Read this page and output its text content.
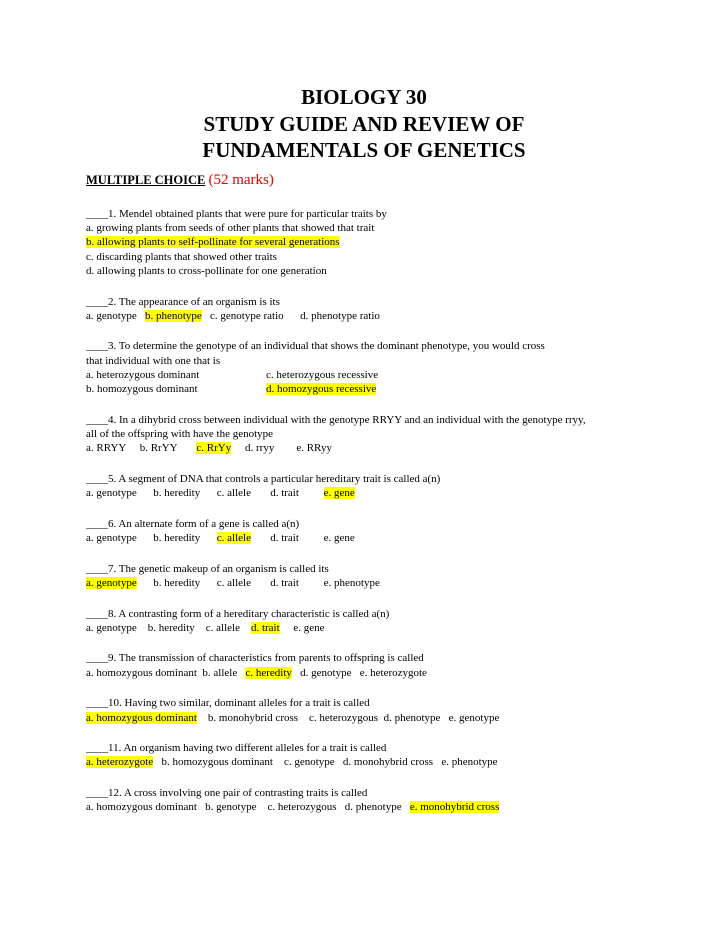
BIOLOGY 30
STUDY GUIDE AND REVIEW OF
FUNDAMENTALS OF GENETICS
MULTIPLE CHOICE (52 marks)
____1. Mendel obtained plants that were pure for particular traits by
a. growing plants from seeds of other plants that showed that trait
b. allowing plants to self-pollinate for several generations
c. discarding plants that showed other traits
d. allowing plants to cross-pollinate for one generation
____2. The appearance of an organism is its
a. genotype b. phenotype c. genotype ratio d. phenotype ratio
____3. To determine the genotype of an individual that shows the dominant phenotype, you would cross
that individual with one that is
a. heterozygous dominant	c. heterozygous recessive
b. homozygous dominant	d. homozygous recessive
____4. In a dihybrid cross between individual with the genotype RRYY and an individual with the genotype rryy,
all of the offspring with have the genotype
a. RRYY b. RrYY c. RrYy d. rryy e. RRyy
____5. A segment of DNA that controls a particular hereditary trait is called a(n)
a. genotype b. heredity c. allele d. trait e. gene
____6. An alternate form of a gene is called a(n)
a. genotype b. heredity c. allele d. trait e. gene
____7. The genetic makeup of an organism is called its
a. genotype b. heredity c. allele d. trait e. phenotype
____8. A contrasting form of a hereditary characteristic is called a(n)
a. genotype b. heredity c. allele d. trait e. gene
____9. The transmission of characteristics from parents to offspring is called
a. homozygous dominant b. allele c. heredity d. genotype e. heterozygote
____10. Having two similar, dominant alleles for a trait is called
a. homozygous dominant b. monohybrid cross c. heterozygous d. phenotype e. genotype
____11. An organism having two different alleles for a trait is called
a. heterozygote b. homozygous dominant c. genotype d. monohybrid cross e. phenotype
____12. A cross involving one pair of contrasting traits is called
a. homozygous dominant b. genotype c. heterozygous d. phenotype e. monohybrid cross
